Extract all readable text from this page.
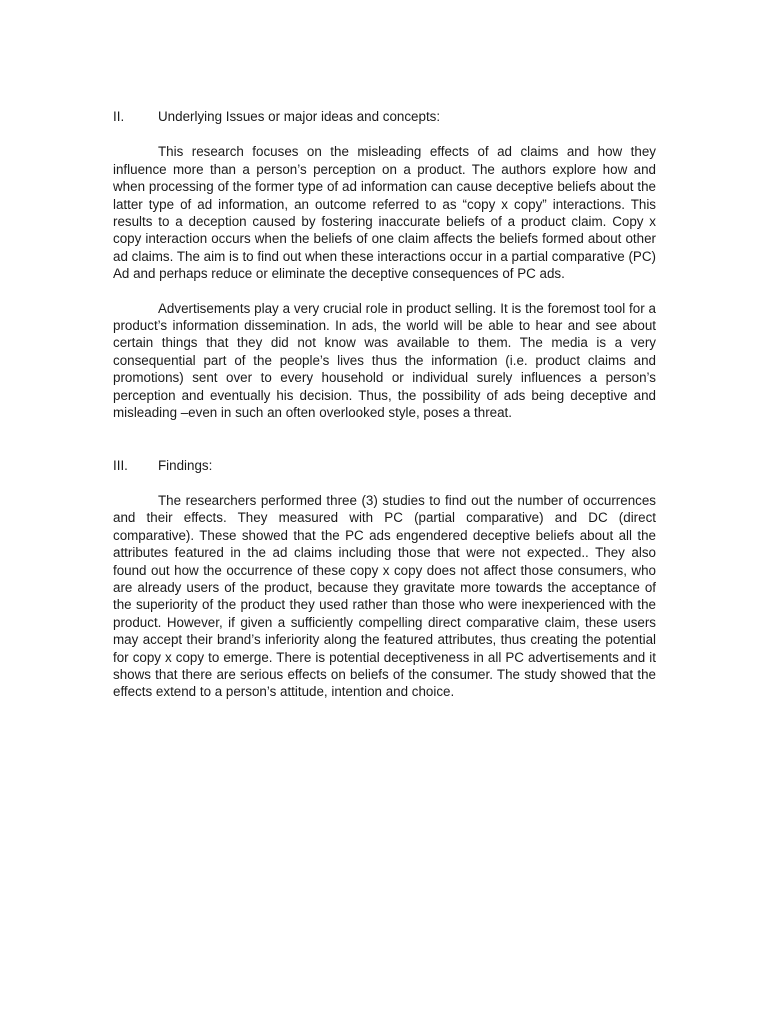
II.	Underlying Issues or major ideas and concepts:

This research focuses on the misleading effects of ad claims and how they influence more than a person’s perception on a product. The authors explore how and when processing of the former type of ad information can cause deceptive beliefs about the latter type of ad information, an outcome referred to as “copy x copy” interactions. This results to a deception caused by fostering inaccurate beliefs of a product claim. Copy x copy interaction occurs when the beliefs of one claim affects the beliefs formed about other ad claims. The aim is to find out when these interactions occur in a partial comparative (PC) Ad and perhaps reduce or eliminate the deceptive consequences of PC ads.

Advertisements play a very crucial role in product selling. It is the foremost tool for a product’s information dissemination. In ads, the world will be able to hear and see about certain things that they did not know was available to them. The media is a very consequential part of the people’s lives thus the information (i.e. product claims and promotions) sent over to every household or individual surely influences a person’s perception and eventually his decision. Thus, the possibility of ads being deceptive and misleading –even in such an often overlooked style, poses a threat.

III.	Findings:

The researchers performed three (3) studies to find out the number of occurrences and their effects. They measured with PC (partial comparative) and DC (direct comparative). These showed that the PC ads engendered deceptive beliefs about all the attributes featured in the ad claims including those that were not expected.. They also found out how the occurrence of these copy x copy does not affect those consumers, who are already users of the product, because they gravitate more towards the acceptance of the superiority of the product they used rather than those who were inexperienced with the product. However, if given a sufficiently compelling direct comparative claim, these users may accept their brand’s inferiority along the featured attributes, thus creating the potential for copy x copy to emerge. There is potential deceptiveness in all PC advertisements and it shows that there are serious effects on beliefs of the consumer. The study showed that the effects extend to a person’s attitude, intention and choice.
